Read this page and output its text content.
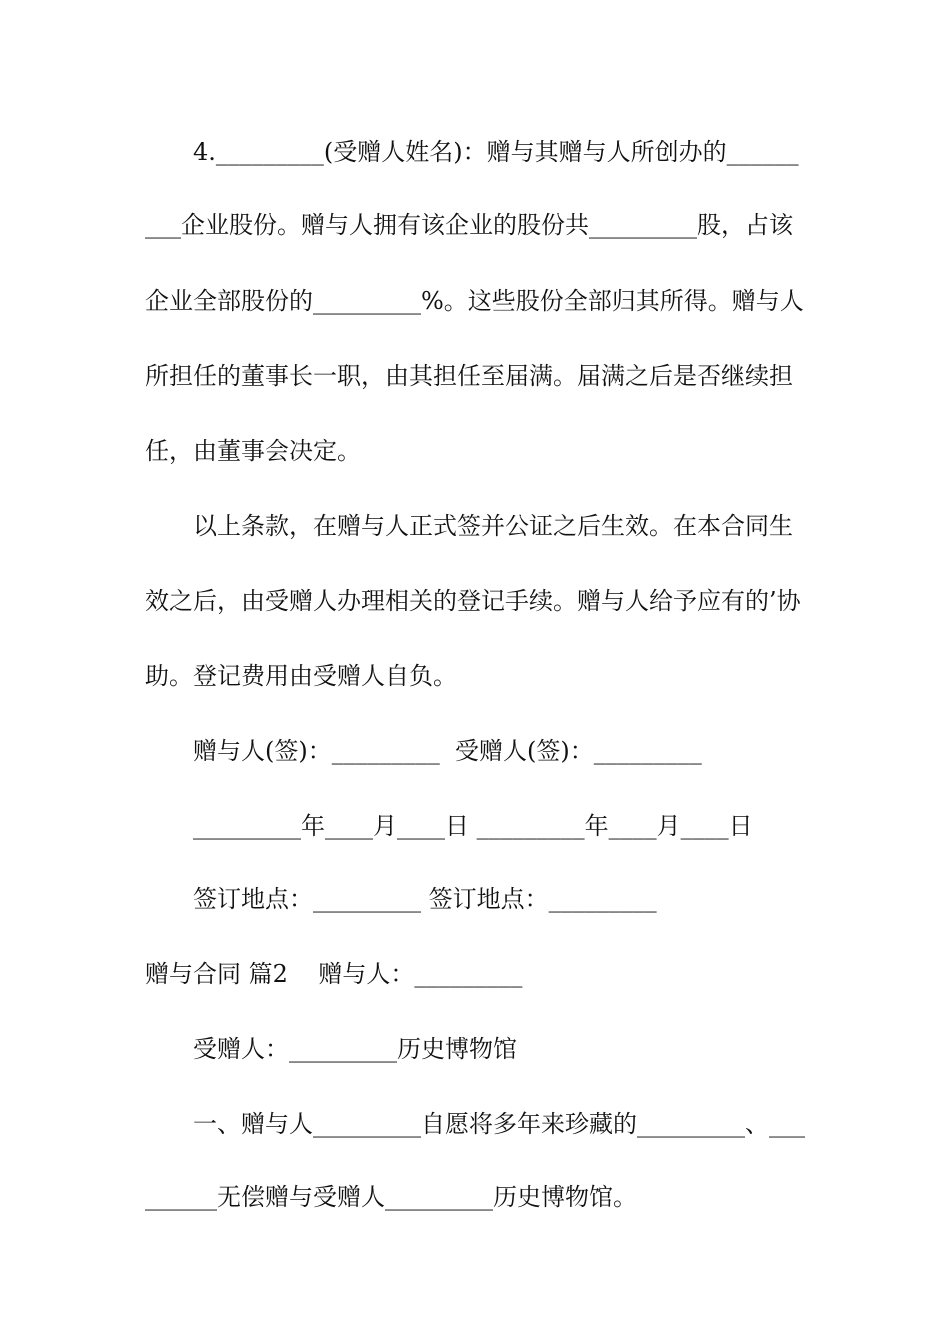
4._________(受赠人姓名)：赠与其赠与人所创办的______
___企业股份。赠与人拥有该企业的股份共_________股，占该
企业全部股份的_________%。这些股份全部归其所得。赠与人
所担任的董事长一职，由其担任至届满。届满之后是否继续担
任，由董事会决定。
以上条款，在赠与人正式签并公证之后生效。在本合同生
效之后，由受赠人办理相关的登记手续。赠与人给予应有的’协
助。登记费用由受赠人自负。
赠与人(签)：_________  受赠人(签)：_________
_________年____月____日 _________年____月____日
签订地点：_________ 签订地点：_________
赠与合同 篇2    赠与人：_________
受赠人：_________历史博物馆
一、赠与人_________自愿将多年来珍藏的_________、___
______无偿赠与受赠人_________历史博物馆。
